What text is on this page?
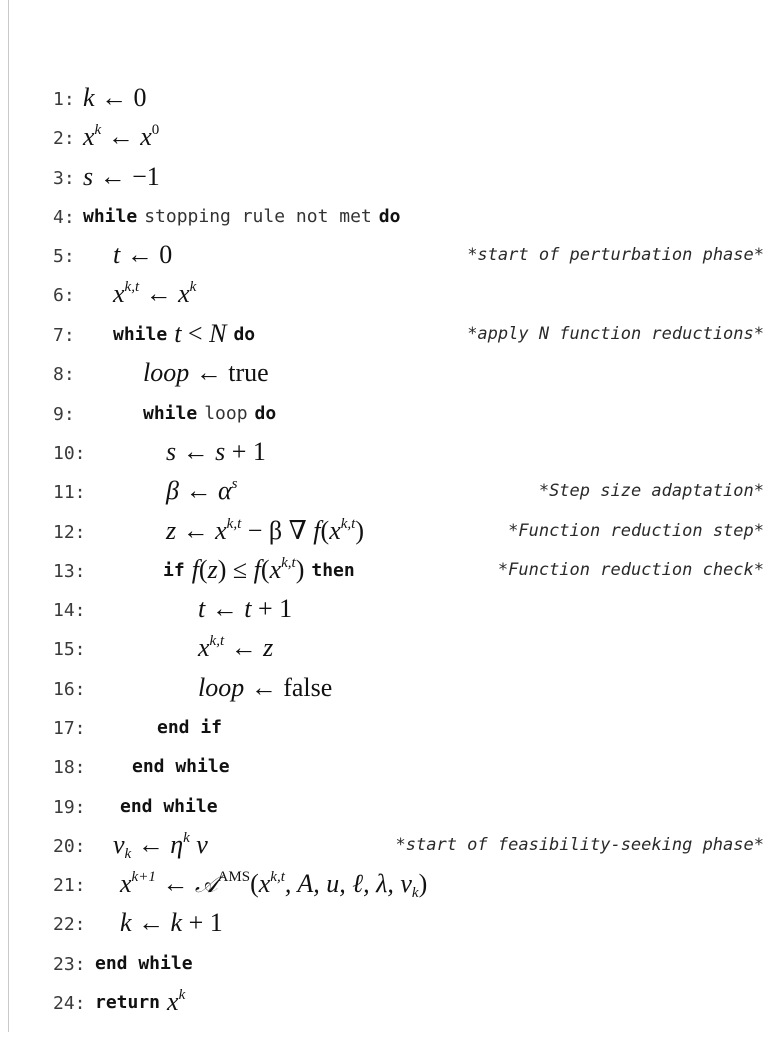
1: k ← 0
2: $x^k$ ← $x^0$
3: s ← −1
4: while stopping rule not met do
5: t ← 0	*start of perturbation phase*
6: $x^{k,t}$ ← $x^k$
7: while t < N do	*apply N function reductions*
8:	loop ← true
9:	while loop do
10:	s ← s + 1
11:	β ← $\alpha^s$	*Step size adaptation*
12:	z ← $x^{k,t} - \beta$ ∇ $f(x^{k,t})$	*Function reduction step*
13:	if $f(z) \le f(x^{k,t})$ then	*Function reduction check*
14:	t ← t + 1
15:	$x^{k,t}$ ← z
16:	loop ← false
17:	end if
18:	end while
19: end while
20: $v_k$ ← $\eta^k$ v	*start of feasibility-seeking phase*
21: $x^{k+1}$ ← $𝒜^{AMS}(x^{k,t}$, A, u, ℓ, λ, $v_k$)
22: k ← k + 1
23: end while
24: return $x^k$
